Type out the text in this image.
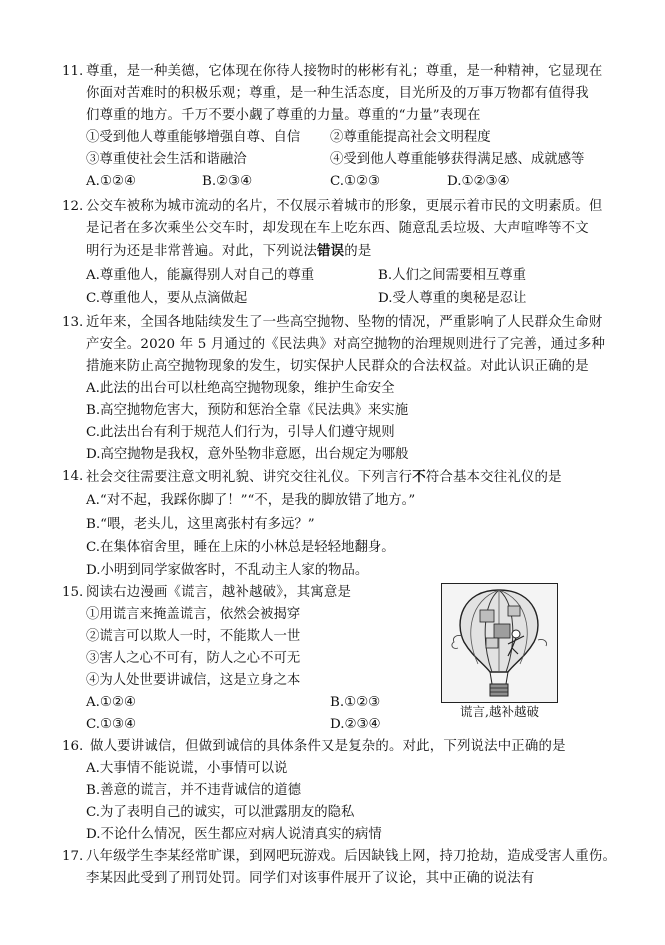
11. 尊重，是一种美德，它体现在你待人接物时的彬彬有礼；尊重，是一种精神，它显现在
你面对苦难时的积极乐观；尊重，是一种生活态度，目光所及的万事万物都有值得我
们尊重的地方。千万不要小觑了尊重的力量。尊重的“力量”表现在
①受到他人尊重能够增强自尊、自信 ②尊重能提高社会文明程度
③尊重使社会生活和谐融洽	④受到他人尊重能够获得满足感、成就感等
A.①②④	B.②③④	C.①②③	D.①②③④
12. 公交车被称为城市流动的名片，不仅展示着城市的形象，更展示着市民的文明素质。但
是记者在多次乘坐公交车时，却发现在车上吃东西、随意乱丢垃圾、大声喧哗等不文
明行为还是非常普遍。对此，下列说法错误的是
A.尊重他人，能赢得别人对自己的尊重	B.人们之间需要相互尊重
C.尊重他人，要从点滴做起	D.受人尊重的奥秘是忍让
13. 近年来，全国各地陆续发生了一些高空抛物、坠物的情况，严重影响了人民群众生命财
产安全。2020 年 5 月通过的《民法典》对高空抛物的治理规则进行了完善，通过多种
措施来防止高空抛物现象的发生，切实保护人民群众的合法权益。对此认识正确的是
A.此法的出台可以杜绝高空抛物现象，维护生命安全
B.高空抛物危害大，预防和惩治全靠《民法典》来实施
C.此法出台有利于规范人们行为，引导人们遵守规则
D.高空抛物是我权，意外坠物非意愿，出台规定为哪般
14. 社会交往需要注意文明礼貌、讲究交往礼仪。下列言行不符合基本交往礼仪的是
A.“对不起，我踩你脚了！”“不，是我的脚放错了地方。”
B.“喂，老头儿，这里离张村有多远？”
C.在集体宿舍里，睡在上床的小林总是轻轻地翻身。
D.小明到同学家做客时，不乱动主人家的物品。
15. 阅读右边漫画《谎言，越补越破》，其寓意是
①用谎言来掩盖谎言，依然会被揭穿
②谎言可以欺人一时，不能欺人一世
③害人之心不可有，防人之心不可无
④为人处世要讲诚信，这是立身之本
A.①②④	B.①②③
C.①③④	D.②③④
谎言,越补越破
16. 做人要讲诚信，但做到诚信的具体条件又是复杂的。对此，下列说法中正确的是
A.大事情不能说谎，小事情可以说
B.善意的谎言，并不违背诚信的道德
C.为了表明自己的诚实，可以泄露朋友的隐私
D.不论什么情况，医生都应对病人说清真实的病情
17. 八年级学生李某经常旷课，到网吧玩游戏。后因缺钱上网，持刀抢劫，造成受害人重伤。
李某因此受到了刑罚处罚。同学们对该事件展开了议论，其中正确的说法有
